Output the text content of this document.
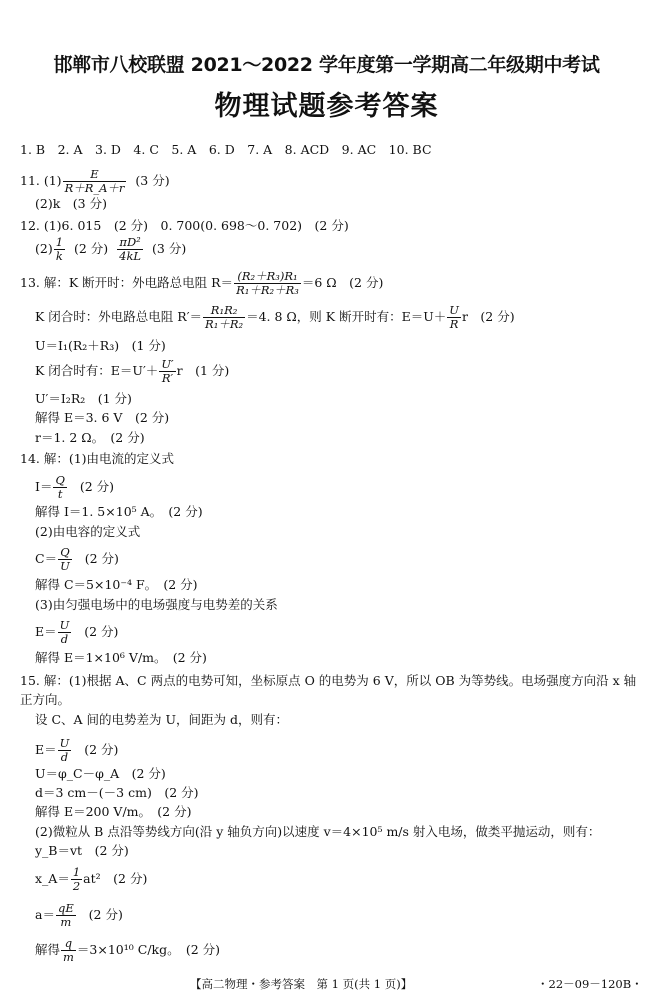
邯郸市八校联盟 2021～2022 学年度第一学期高二年级期中考试
物理试题参考答案
1. B　2. A　3. D　4. C　5. A　6. D　7. A　8. ACD　9. AC　10. BC
11. $(1) \frac{E}{R+R\_A+r} (3$ 分)
(2)k　(3 分)
12. (1)6. 015　(2 分)　0. 700(0. 698～0. 702)　(2 分)
$(2) \frac{1}{k} (2$ 分) $\frac{\text{πD²}}{4kL} (3$ 分)
13. 解：K 断开时：外电路总电阻 $R= \frac{\text{(R₂＋R₃)R₁}}{\text{R₁＋R₂＋R₃}} =6$ Ω　(2 分)
K 闭合时：外电路总电阻 $R'= \frac{\text{R₁R₂}}{\text{R₁＋R₂}} =4$. 8 Ω，则 K 断开时有：$E=U+ \frac{U}{R}$ r　(2 分)
U＝I₁(R₂＋R₃)　(1 分)
K 闭合时有：$E=U'+ \frac{U'}{R'}$ r　(1 分)
U′＝I₂R₂　(1 分)
解得 E＝3. 6 V　(2 分)
r＝1. 2 Ω。　(2 分)
14. 解：(1)由电流的定义式
$I= \frac{Q}{t} (2$ 分)
解得 I＝1. 5×10⁵ A。　(2 分)
(2)由电容的定义式
$C= \frac{Q}{U} (2$ 分)
解得 C＝5×10⁻⁴ F。　(2 分)
(3)由匀强电场中的电场强度与电势差的关系
$E= \frac{U}{d} (2$ 分)
解得 E＝1×10⁶ V/m。　(2 分)
15. 解：(1)根据 A、C 两点的电势可知，坐标原点 O 的电势为 6 V，所以 OB 为等势线。电场强度方向沿 x 轴正方向。
设 C、A 间的电势差为 U，间距为 d，则有：
$E= \frac{U}{d} (2$ 分)
U＝φ_C－φ_A　(2 分)
d＝3 cm－(－3 cm)　(2 分)
解得 E＝200 V/m。　(2 分)
(2)微粒从 B 点沿等势线方向(沿 y 轴负方向)以速度 v＝4×10⁵ m/s 射入电场，做类平抛运动，则有：
y_B＝vt　(2 分)
x_A＝ $\frac{1}{2} at^2$　(2 分)
$a= \frac{qE}{m} (2$ 分)
解得 $\frac{q}{m} =3\times 10^{10}$ C/kg。　(2 分)
【高二物理・参考答案　第 1 页(共 1 页)】	・22－09－120B・
